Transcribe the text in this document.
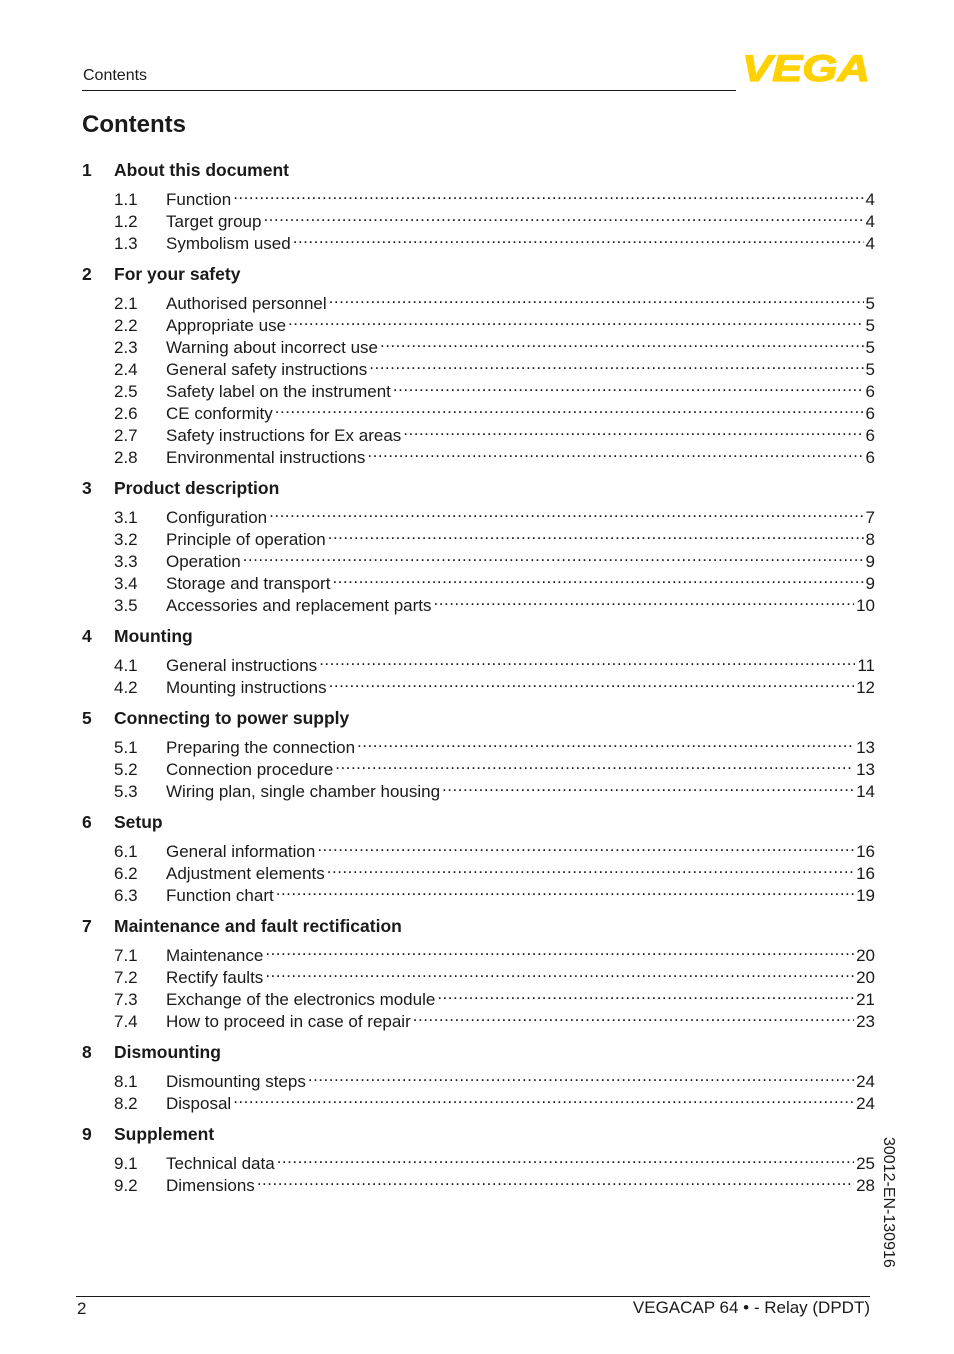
Contents	VEGA
Contents
1	About this document
1.1	Function .....	4
1.2	Target group .....	4
1.3	Symbolism used .....	4
2	For your safety
2.1	Authorised personnel .....	5
2.2	Appropriate use .....	5
2.3	Warning about incorrect use .....	5
2.4	General safety instructions .....	5
2.5	Safety label on the instrument .....	6
2.6	CE conformity .....	6
2.7	Safety instructions for Ex areas .....	6
2.8	Environmental instructions .....	6
3	Product description
3.1	Configuration .....	7
3.2	Principle of operation .....	8
3.3	Operation .....	9
3.4	Storage and transport .....	9
3.5	Accessories and replacement parts .....	10
4	Mounting
4.1	General instructions .....	11
4.2	Mounting instructions .....	12
5	Connecting to power supply
5.1	Preparing the connection .....	13
5.2	Connection procedure .....	13
5.3	Wiring plan, single chamber housing .....	14
6	Setup
6.1	General information .....	16
6.2	Adjustment elements .....	16
6.3	Function chart .....	19
7	Maintenance and fault rectification
7.1	Maintenance .....	20
7.2	Rectify faults .....	20
7.3	Exchange of the electronics module .....	21
7.4	How to proceed in case of repair .....	23
8	Dismounting
8.1	Dismounting steps .....	24
8.2	Disposal .....	24
9	Supplement
9.1	Technical data .....	25
9.2	Dimensions .....	28 30012-EN-130916
2	VEGACAP 64 • - Relay (DPDT)
